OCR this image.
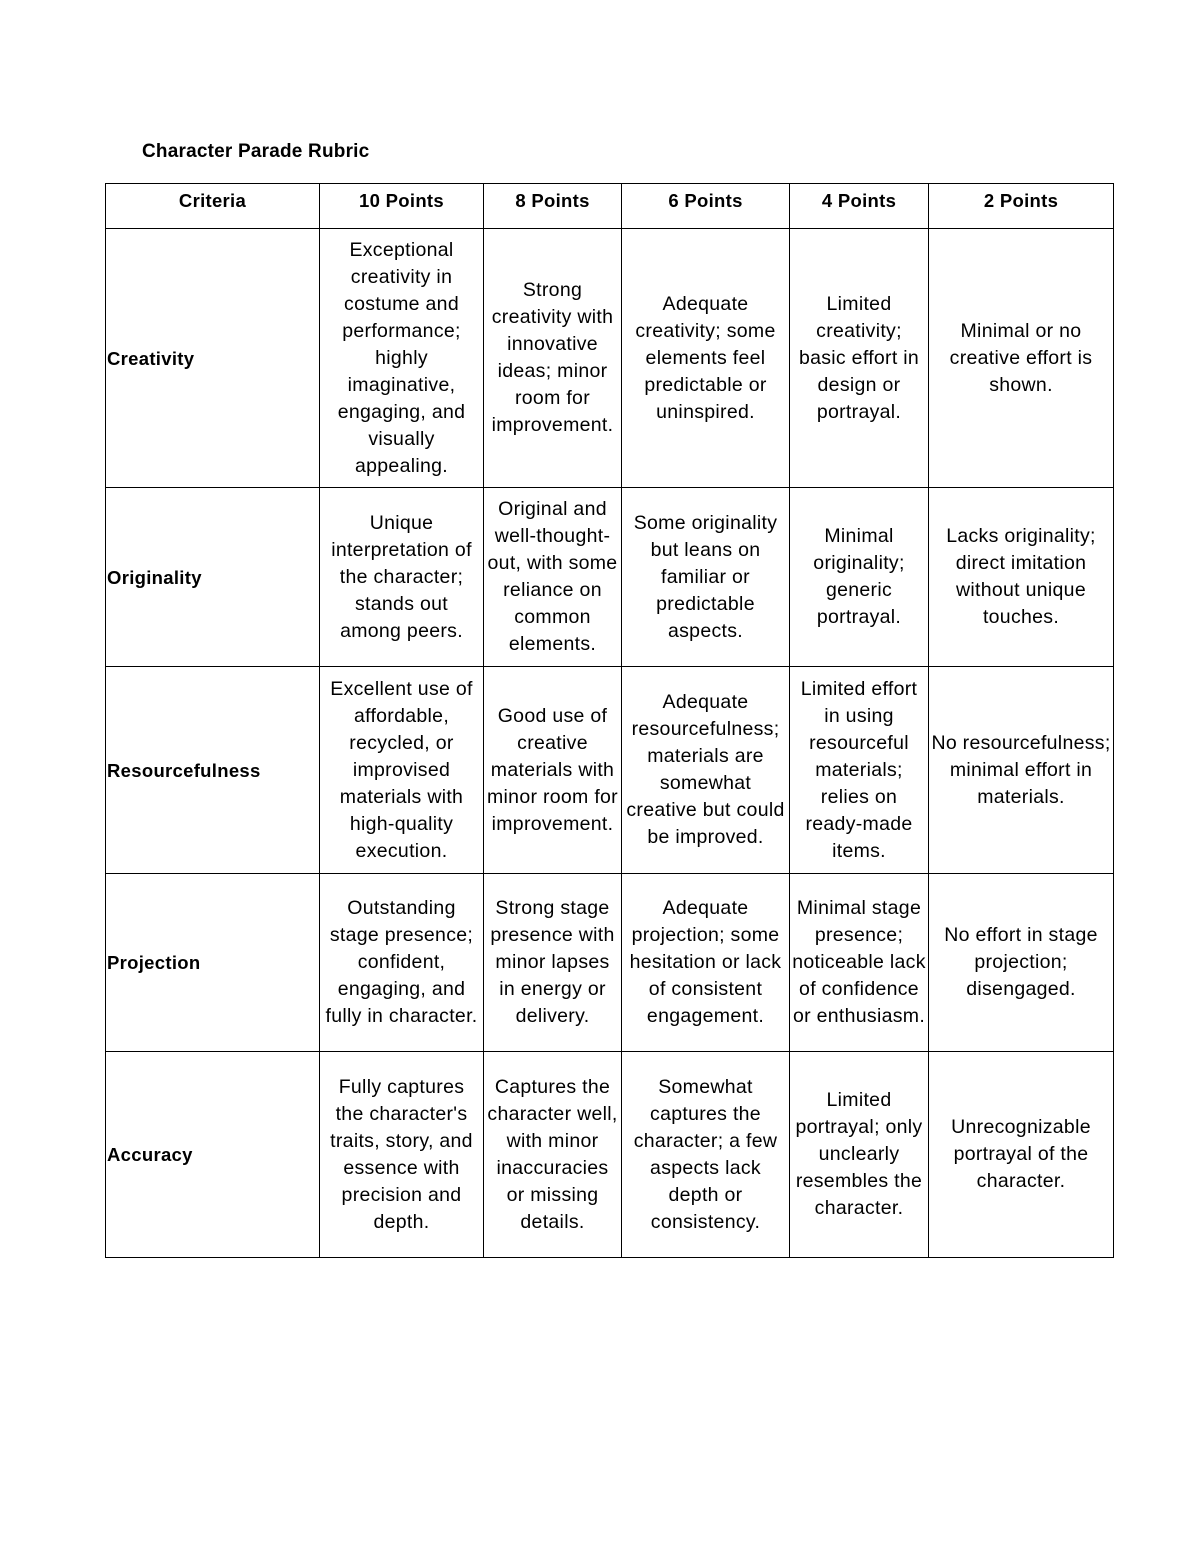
Character Parade Rubric
Criteria	10 Points	8 Points	6 Points	4 Points	2 Points
Creativity	Exceptional creativity in costume and performance; highly imaginative, engaging, and visually appealing.	Strong creativity with innovative ideas; minor room for improvement.	Adequate creativity; some elements feel predictable or uninspired.	Limited creativity; basic effort in design or portrayal.	Minimal or no creative effort is shown.
Originality	Unique interpretation of the character; stands out among peers.	Original and well-thought-out, with some reliance on common elements.	Some originality but leans on familiar or predictable aspects.	Minimal originality; generic portrayal.	Lacks originality; direct imitation without unique touches.
Resourcefulness	Excellent use of affordable, recycled, or improvised materials with high-quality execution.	Good use of creative materials with minor room for improvement.	Adequate resourcefulness; materials are somewhat creative but could be improved.	Limited effort in using resourceful materials; relies on ready-made items.	No resourcefulness; minimal effort in materials.
Projection	Outstanding stage presence; confident, engaging, and fully in character.	Strong stage presence with minor lapses in energy or delivery.	Adequate projection; some hesitation or lack of consistent engagement.	Minimal stage presence; noticeable lack of confidence or enthusiasm.	No effort in stage projection; disengaged.
Accuracy	Fully captures the character's traits, story, and essence with precision and depth.	Captures the character well, with minor inaccuracies or missing details.	Somewhat captures the character; a few aspects lack depth or consistency.	Limited portrayal; only unclearly resembles the character.	Unrecognizable portrayal of the character.
